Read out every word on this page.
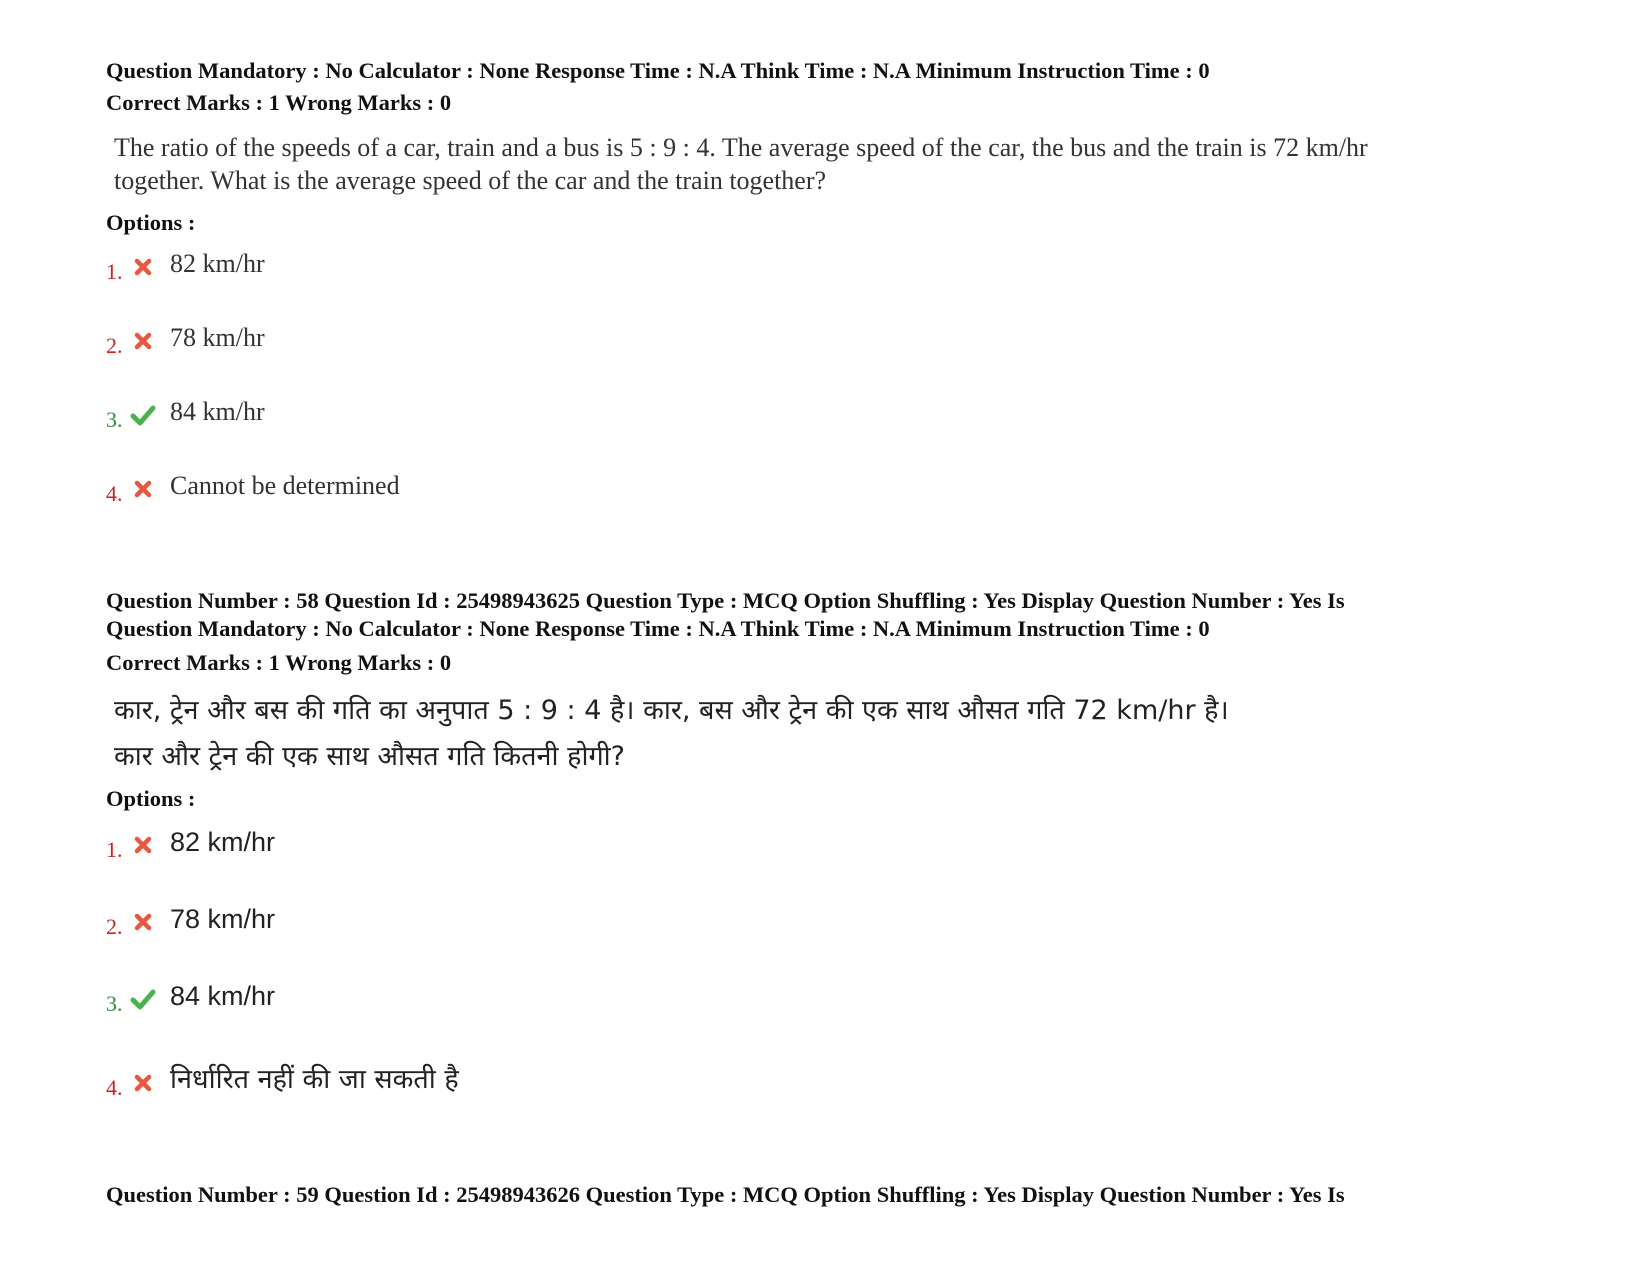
Question Mandatory : No Calculator : None Response Time : N.A Think Time : N.A Minimum Instruction Time : 0
Correct Marks : 1 Wrong Marks : 0
The ratio of the speeds of a car, train and a bus is 5 : 9 : 4. The average speed of the car, the bus and the train is 72 km/hr
together. What is the average speed of the car and the train together?
Options :
1. 82 km/hr
2. 78 km/hr
3. 84 km/hr
4. Cannot be determined
Question Number : 58 Question Id : 25498943625 Question Type : MCQ Option Shuffling : Yes Display Question Number : Yes Is
Question Mandatory : No Calculator : None Response Time : N.A Think Time : N.A Minimum Instruction Time : 0
Correct Marks : 1 Wrong Marks : 0
कार, ट्रेन और बस की गति का अनुपात 5 : 9 : 4 है। कार, बस और ट्रेन की एक साथ औसत गति 72 km/hr है।
कार और ट्रेन की एक साथ औसत गति कितनी होगी?
Options :
1. 82 km/hr
2. 78 km/hr
3. 84 km/hr
4. निर्धारित नहीं की जा सकती है
Question Number : 59 Question Id : 25498943626 Question Type : MCQ Option Shuffling : Yes Display Question Number : Yes Is
